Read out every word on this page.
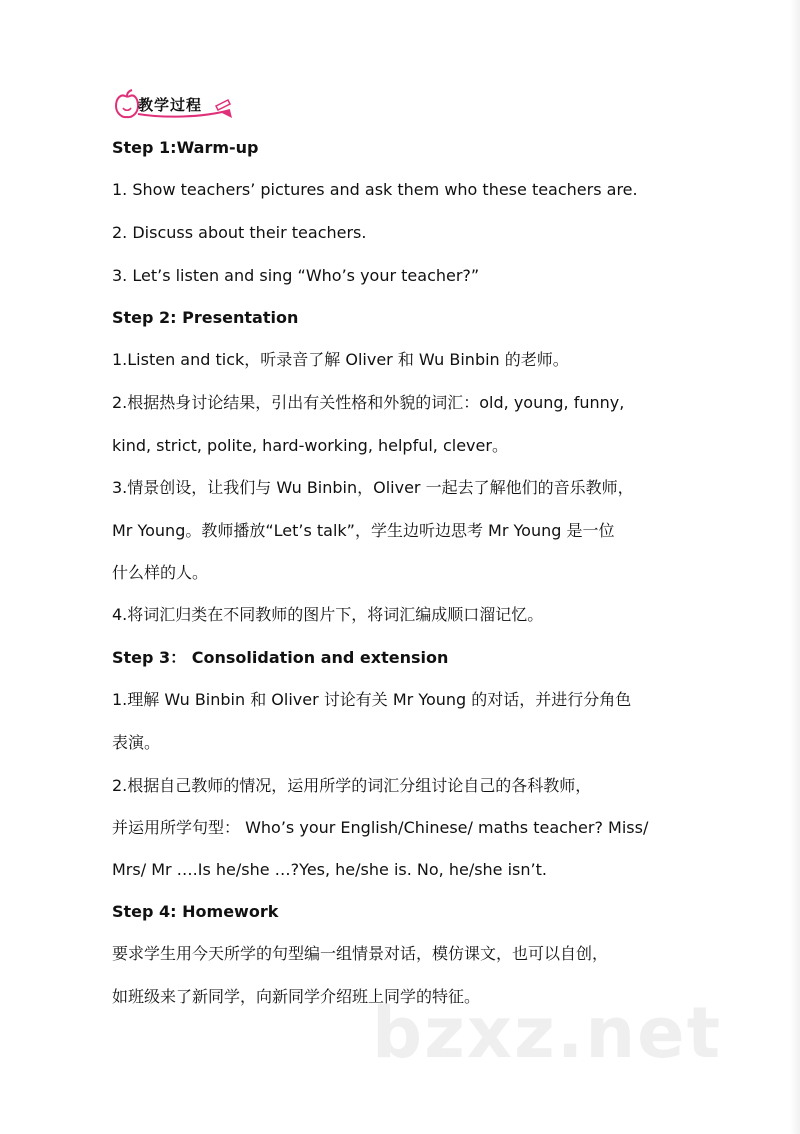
教学过程
Step 1:Warm-up
1. Show teachers’ pictures and ask them who these teachers are.
2. Discuss about their teachers.
3. Let’s listen and sing “Who’s your teacher?”
Step 2: Presentation
1.Listen and tick，听录音了解 Oliver 和 Wu Binbin 的老师。
2.根据热身讨论结果，引出有关性格和外貌的词汇：old, young, funny,
kind, strict, polite, hard-working, helpful, clever。
3.情景创设，让我们与 Wu Binbin，Oliver 一起去了解他们的音乐教师，
Mr Young。教师播放“Let’s talk”，学生边听边思考 Mr Young 是一位
什么样的人。
4.将词汇归类在不同教师的图片下，将词汇编成顺口溜记忆。
Step 3： Consolidation and extension
1.理解 Wu Binbin 和 Oliver 讨论有关 Mr Young 的对话，并进行分角色
表演。
2.根据自己教师的情况，运用所学的词汇分组讨论自己的各科教师，
并运用所学句型： Who’s your English/Chinese/ maths teacher? Miss/
Mrs/ Mr ….Is he/she …?Yes, he/she is. No, he/she isn’t.
Step 4: Homework
要求学生用今天所学的句型编一组情景对话，模仿课文，也可以自创，
如班级来了新同学，向新同学介绍班上同学的特征。
bzxz.net
